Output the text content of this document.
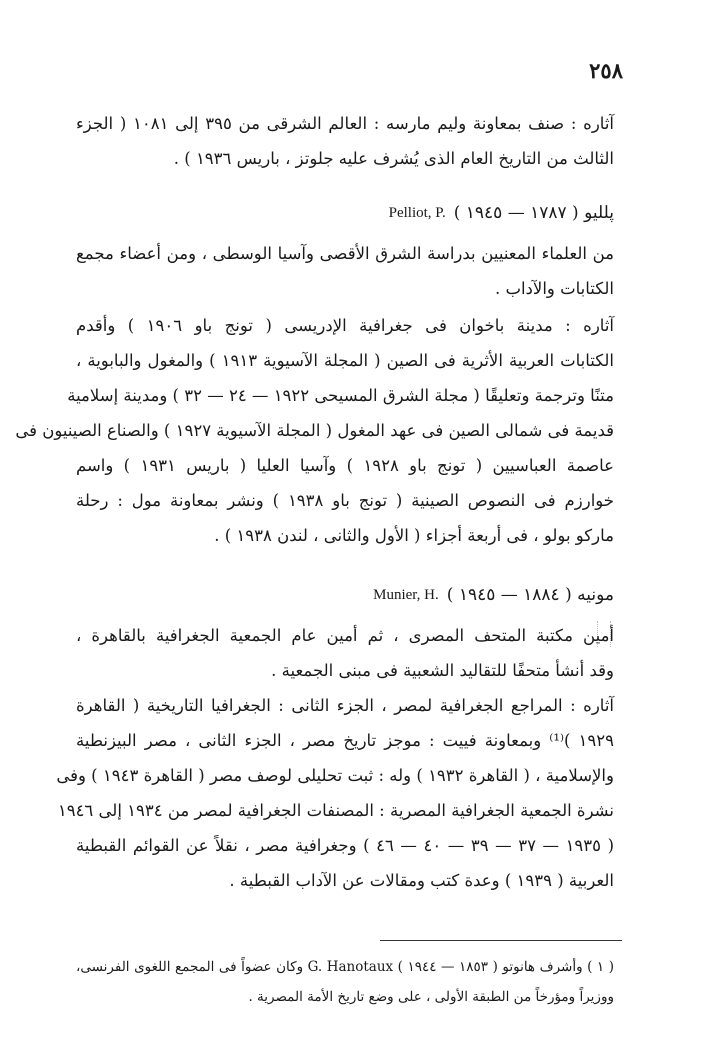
٢٥٨
آثاره : صنف بمعاونة وليم مارسه : العالم الشرقى من ٣٩٥ إلى ١٠٨١ ( الجزء
الثالث من التاريخ العام الذى يُشرف عليه جلوتز ، باريس ١٩٣٦ ) .
پلليو ( ١٧٨٧ — ١٩٤٥ )
Pelliot, P.
من العلماء المعنيين بدراسة الشرق الأقصى وآسيا الوسطى ، ومن أعضاء مجمع
الكتابات والآداب .
آثاره : مدينة باخوان فى جغرافية الإدريسى ( تونج باو ١٩٠٦ ) وأقدم
الكتابات العربية الأثرية فى الصين ( المجلة الآسيوية ١٩١٣ ) والمغول والبابوية ،
متنًا وترجمة وتعليقًا ( مجلة الشرق المسيحى ١٩٢٢ — ٢٤ — ٣٢ ) ومدينة إسلامية
قديمة فى شمالى الصين فى عهد المغول ( المجلة الآسيوية ١٩٢٧ ) والصناع الصينيون فى
عاصمة العباسيين ( تونج باو ١٩٢٨ ) وآسيا العليا ( باريس ١٩٣١ ) واسم
خوارزم فى النصوص الصينية ( تونج باو ١٩٣٨ ) ونشر بمعاونة مول : رحلة
ماركو بولو ، فى أربعة أجزاء ( الأول والثانى ، لندن ١٩٣٨ ) .
مونيه ( ١٨٨٤ — ١٩٤٥ )
Munier, H.
أمين مكتبة المتحف المصرى ، ثم أمين عام الجمعية الجغرافية بالقاهرة ،
وقد أنشأ متحفًا للتقاليد الشعبية فى مبنى الجمعية .
آثاره : المراجع الجغرافية لمصر ، الجزء الثانى : الجغرافيا التاريخية ( القاهرة
١٩٢٩ )⁽¹⁾ وبمعاونة فييت : موجز تاريخ مصر ، الجزء الثانى ، مصر البيزنطية
والإسلامية ، ( القاهرة ١٩٣٢ ) وله : ثبت تحليلى لوصف مصر ( القاهرة ١٩٤٣ ) وفى
نشرة الجمعية الجغرافية المصرية : المصنفات الجغرافية لمصر من ١٩٣٤ إلى ١٩٤٦
( ١٩٣٥ — ٣٧ — ٣٩ — ٤٠ — ٤٦ ) وجغرافية مصر ، نقلاً عن القوائم القبطية
العربية ( ١٩٣٩ ) وعدة كتب ومقالات عن الآداب القبطية .
( ١ ) وأشرف هانوتو ( ١٨٥٣ — ١٩٤٤ ) G. Hanotaux وكان عضواً فى المجمع اللغوى الفرنسى،
ووزيراً ومؤرخاً من الطبقة الأولى ، على وضع تاريخ الأمة المصرية .
